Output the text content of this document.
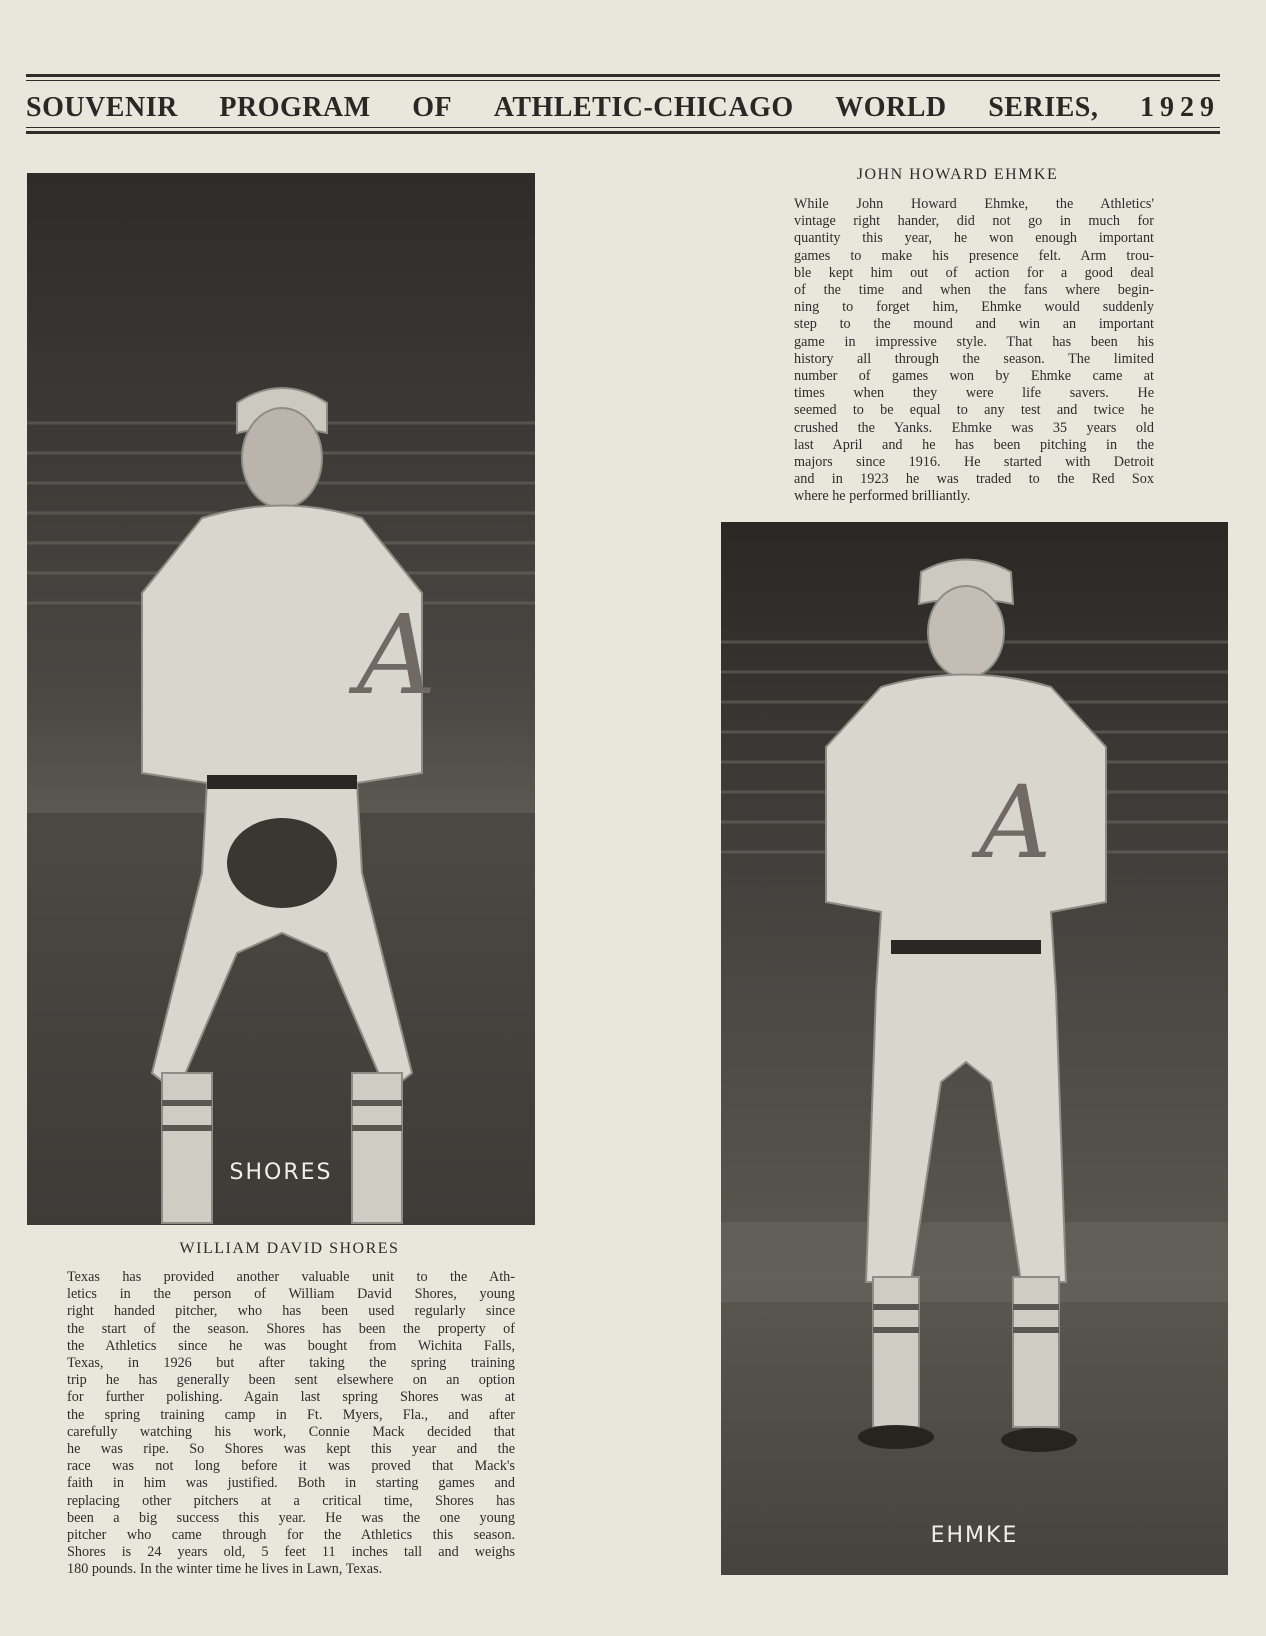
SOUVENIR PROGRAM OF ATHLETIC-CHICAGO WORLD SERIES, 1929
A
SHORES
WILLIAM DAVID SHORES
Texas has provided another valuable unit to the Ath-
letics in the person of William David Shores, young
right handed pitcher, who has been used regularly since
the start of the season. Shores has been the property of
the Athletics since he was bought from Wichita Falls,
Texas, in 1926 but after taking the spring training
trip he has generally been sent elsewhere on an option
for further polishing. Again last spring Shores was at
the spring training camp in Ft. Myers, Fla., and after
carefully watching his work, Connie Mack decided that
he was ripe. So Shores was kept this year and the
race was not long before it was proved that Mack's
faith in him was justified. Both in starting games and
replacing other pitchers at a critical time, Shores has
been a big success this year. He was the one young
pitcher who came through for the Athletics this season.
Shores is 24 years old, 5 feet 11 inches tall and weighs
180 pounds. In the winter time he lives in Lawn, Texas.
JOHN HOWARD EHMKE
While John Howard Ehmke, the Athletics'
vintage right hander, did not go in much for
quantity this year, he won enough important
games to make his presence felt. Arm trou-
ble kept him out of action for a good deal
of the time and when the fans where begin-
ning to forget him, Ehmke would suddenly
step to the mound and win an important
game in impressive style. That has been his
history all through the season. The limited
number of games won by Ehmke came at
times when they were life savers. He
seemed to be equal to any test and twice he
crushed the Yanks. Ehmke was 35 years old
last April and he has been pitching in the
majors since 1916. He started with Detroit
and in 1923 he was traded to the Red Sox
where he performed brilliantly.
A
EHMKE
